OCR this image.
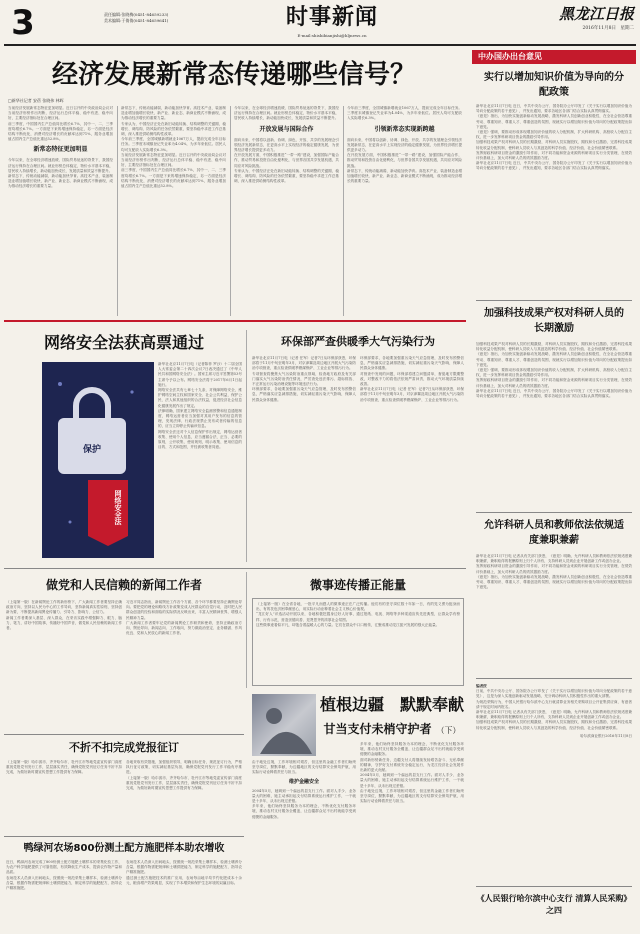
3	责任编辑:张晓梅(0451-84659233)
美术编辑:于倩倩(0451-84659641)	时事新闻
E-mail:shishibianjishi@hljnews.cn
黑龙江日报
2016年11月8日　星期二
经济发展新常态传递哪些信号？
□新华社记者 安蓓 张晓伟 林晖

当前经济发展新常态特征更加明显。近日召开的中央政治局会议对当前经济形势作出判断，经济运行总体平稳、稳中有进、稳中向好，主要经济指标处在合理区间。

前三季度，中国国内生产总值同比增长6.7%，其中一、二、三季度均增长6.7%。一方面是下来的增速保持稳定，另一方面是经济结构不断优化，消费对经济增长的贡献率达到71%，服务业增加值占国内生产总值比重达52.8%。

新常态特征更加明显

今年以来，在全球经济增速放缓、国际贸易低迷的背景下，我国经济运行保持在合理区间。就业形势总体稳定，物价水平基本平稳，居民收入持续增长，新动能加快成长，发展质量和效益不断提升。

新常态下，传统动能减弱，新动能加快孕育。高技术产业、装备制造业增加值增长较快，新产业、新业态、新商业模式不断涌现，成为推动经济增长的重要力量。

新常态下，传统动能减弱，新动能加快孕育。高技术产业、装备制造业增加值增长较快，新产业、新业态、新商业模式不断涌现，成为推动经济增长的重要力量。

专家认为，中国经济正处在新旧动能转换、结构调整的关键期，稳增长、调结构、防风险的任务依然繁重，要坚持稳中求进工作总基调，深入推进供给侧结构性改革。

今年前三季度，全国城镇新增就业1067万人，提前完成全年目标任务。三季度末城镇登记失业率为4.04%，为多年来低位。居民人均可支配收入实际增长6.3%。

当前经济发展新常态特征更加明显。近日召开的中央政治局会议对当前经济形势作出判断，经济运行总体平稳、稳中有进、稳中向好，主要经济指标处在合理区间。

前三季度，中国国内生产总值同比增长6.7%，其中一、二、三季度均增长6.7%。一方面是下来的增速保持稳定，另一方面是经济结构不断优化，消费对经济增长的贡献率达到71%，服务业增加值占国内生产总值比重达52.8%。

今年以来，在全球经济增速放缓、国际贸易低迷的背景下，我国经济运行保持在合理区间。就业形势总体稳定，物价水平基本平稳，居民收入持续增长，新动能加快成长，发展质量和效益不断提升。

开放发展与国际合作

面向未来，中国将以创新、协调、绿色、开放、共享的发展理念引领经济发展新常态，在更高水平上实现经济的稳定健康发展，为世界经济增长提供更多动力。

在开放发展方面，中国积极推进“一带一路”建设，加强国际产能合作，推动贸易和投资自由化便利化，与世界各国共享发展机遇，共同应对风险挑战。

专家认为，中国经济正处在新旧动能转换、结构调整的关键期，稳增长、调结构、防风险的任务依然繁重，要坚持稳中求进工作总基调，深入推进供给侧结构性改革。

今年前三季度，全国城镇新增就业1067万人，提前完成全年目标任务。三季度末城镇登记失业率为4.04%，为多年来低位。居民人均可支配收入实际增长6.3%。

引领新常态实现新跨越

面向未来，中国将以创新、协调、绿色、开放、共享的发展理念引领经济发展新常态，在更高水平上实现经济的稳定健康发展，为世界经济增长提供更多动力。

在开放发展方面，中国积极推进“一带一路”建设，加强国际产能合作，推动贸易和投资自由化便利化，与世界各国共享发展机遇，共同应对风险挑战。

新常态下，传统动能减弱，新动能加快孕育。高技术产业、装备制造业增加值增长较快，新产业、新业态、新商业模式不断涌现，成为推动经济增长的重要力量。

中办国办出台意见
实行以增加知识价值为导向的分配政策

新华社北京11月7日电 近日，中共中央办公厅、国务院办公厅印发了《关于实行以增加知识价值为导向分配政策的若干意见》，并发出通知，要求各地区各部门结合实际认真贯彻落实。

《意见》指出，为加快实施创新驱动发展战略，激发科研人员创新创业积极性，在全社会营造尊重劳动、尊重知识、尊重人才、尊重创造的氛围，现就实行以增加知识价值为导向的分配政策提出如下意见。

《意见》强调，要推动形成体现增加知识价值的收入分配机制，扩大科研机构、高校收入分配自主权，进一步发挥科研项目资金的激励引导作用。

加强科技成果产权对科研人员的长期激励，对科研人员实施股权、期权和分红激励，完善科技成果转化收益分配机制，使科研人员收入与其创造的科学价值、经济价值、社会价值紧密联系。

发挥财政科研项目资金的激励引导作用，对不同功能和资金来源的科研项目实行分类管理，在绩效评价基础上，加大对科研人员的绩效激励力度。

新华社北京11月7日电 近日，中共中央办公厅、国务院办公厅印发了《关于实行以增加知识价值为导向分配政策的若干意见》，并发出通知，要求各地区各部门结合实际认真贯彻落实。

加强科技成果产权对科研人员的长期激励

加强科技成果产权对科研人员的长期激励，对科研人员实施股权、期权和分红激励，完善科技成果转化收益分配机制，使科研人员收入与其创造的科学价值、经济价值、社会价值紧密联系。

《意见》指出，为加快实施创新驱动发展战略，激发科研人员创新创业积极性，在全社会营造尊重劳动、尊重知识、尊重人才、尊重创造的氛围，现就实行以增加知识价值为导向的分配政策提出如下意见。

《意见》强调，要推动形成体现增加知识价值的收入分配机制，扩大科研机构、高校收入分配自主权，进一步发挥科研项目资金的激励引导作用。

发挥财政科研项目资金的激励引导作用，对不同功能和资金来源的科研项目实行分类管理，在绩效评价基础上，加大对科研人员的绩效激励力度。

新华社北京11月7日电 近日，中共中央办公厅、国务院办公厅印发了《关于实行以增加知识价值为导向分配政策的若干意见》，并发出通知，要求各地区各部门结合实际认真贯彻落实。

允许科研人员和教师依法依规适度兼职兼薪

新华社北京11月7日电 记者从有关部门获悉，《意见》明确，允许科研人员和教师依法依规适度兼职兼薪，兼职取得的报酬原则上归个人所有，支持科研人员到企业开展创新工作或创办企业。

发挥财政科研项目资金的激励引导作用，对不同功能和资金来源的科研项目实行分类管理，在绩效评价基础上，加大对科研人员的绩效激励力度。

《意见》指出，为加快实施创新驱动发展战略，激发科研人员创新创业积极性，在全社会营造尊重劳动、尊重知识、尊重人才、尊重创造的氛围，现就实行以增加知识价值为导向的分配政策提出如下意见。

编者按

日前，中共中央办公厅、国务院办公厅印发了《关于实行以增加知识价值为导向分配政策的若干意见》，这是为深入实施创新驱动发展战略，充分调动科研人员积极性作出的重大部署。

为规范采购行为，中国人民银行哈尔滨中心支行就清算业务相关采购项目公开征集供应商，有意者请于规定时间内报名。

新华社北京11月7日电 记者从有关部门获悉，《意见》明确，允许科研人员和教师依法依规适度兼职兼薪，兼职取得的报酬原则上归个人所有，支持科研人员到企业开展创新工作或创办企业。

加强科技成果产权对科研人员的长期激励，对科研人员实施股权、期权和分红激励，完善科技成果转化收益分配机制，使科研人员收入与其创造的科学价值、经济价值、社会价值紧密联系。

哈尔滨商业银行2016年11月8日
《人民银行哈尔滨中心支行 清算人民采购》之四
网络安全法获高票通过
保护
网络安全法

新华社北京11月7日电（记者陈菲 罗沙）十二届全国人大常委会第二十四次会议7日表决通过了《中华人民共和国网络安全法》。国家主席习近平签署第53号主席令予以公布。网络安全法将于2017年6月1日起施行。

网络安全法共有七章七十九条，对保障网络安全，维护网络空间主权和国家安全、社会公共利益，保护公民、法人和其他组织的合法权益，促进经济社会信息化健康发展作出了规定。

法律明确，国家建立网络安全监测预警和信息通报制度，网络运营者应当加强对其用户发布的信息的管理，发现法律、行政法规禁止发布或者传输的信息的，应当立即停止传输该信息。

网络安全法还对个人信息保护作出规定，网络运营者收集、使用个人信息，应当遵循合法、正当、必要的原则，公开收集、使用规则，明示收集、使用信息的目的、方式和范围，并经被收集者同意。

环保部严查供暖季大气污染行为

新华社北京11月7日电（记者 任军）记者7日从环保部获悉，环保部将于11月中旬至明年3月，对京津冀及周边地区开展大气污染防治专项督查，重点检查供暖季燃煤锅炉、工业企业等排污行为。

专项督查将聚焦大气污染防治重点领域，检查地方政府及有关部门落实大气污染防治责任情况，严厉查处违法排污、超标排放、不正常运行污染治理设施等环境违法行为。

环保部要求，各地要加强重污染天气应急管理，及时发布预警信息，严格落实应急减排措施，切实减轻重污染天气影响，保障人民群众身体健康。

环保部要求，各地要加强重污染天气应急管理，及时发布预警信息，严格落实应急减排措施，切实减轻重污染天气影响，保障人民群众身体健康。

对督查中发现的问题，环保部将建立问题清单，督促地方限期整改，对整改不力的将依法依规严肃问责，推动大气环境质量持续改善。

新华社北京11月7日电（记者 任军）记者7日从环保部获悉，环保部将于11月中旬至明年3月，对京津冀及周边地区开展大气污染防治专项督查，重点检查供暖季燃煤锅炉、工业企业等排污行为。

做党和人民信赖的新闻工作者

（上接第一版）在新闻舆论工作的新形势下，广大新闻工作者要坚持正确政治方向，坚持以人民为中心的工作导向，坚持新闻真实性原则，坚持创新为要，不断提高新闻舆论传播力、引导力、影响力、公信力。

新闻工作者要深入基层、深入群众，在采访实践中增强脚力、眼力、脑力、笔力，讲好中国故事，传播好中国声音，做党和人民信赖的新闻工作者。

习近平同志指出，新闻舆论工作各个方面、各个环节都要坚持正确舆论导向。要把党的理论和路线方针政策变成人民群众的自觉行动，及时把人民群众创造的经验和面临的实际情况反映出来，丰富人民精神世界，增强人民精神力量。

广大新闻工作者要牢记党的新闻舆论工作职责和使命，坚持正确政治方向、舆论导向、新闻志向、工作取向，努力做政治坚定、业务精湛、作风优良、党和人民放心的新闻工作者。

不折不扣完成党报征订

（上接第一版）哈尔滨市、齐齐哈尔市、牡丹江市等地党委宣传部门高度重视党报党刊发行工作，层层落实责任，确保党报党刊征订任务不折不扣完成，为做好新时期宣传思想工作提供有力保障。

各地采取有效措施，加强组织领导，明确目标任务，规范征订行为，严格执行征订政策，切实减轻基层负担，确保党报党刊发行工作平稳有序推进。

（上接第一版）哈尔滨市、齐齐哈尔市、牡丹江市等地党委宣传部门高度重视党报党刊发行工作，层层落实责任，确保党报党刊征订任务不折不扣完成，为做好新时期宣传思想工作提供有力保障。

微事迹传播正能量

（上接第一版）在全省各地，一批平凡而感人的微事迹正在广泛传播。他们有的坚守岗位数十年如一日，有的见义勇为挺身而出，有的扶危济困奉献爱心，用实际行动诠释着社会主义核心价值观。

“龙江好人”评选活动开展以来，各地积极挖掘身边好人好事，通过报纸、电视、网络等多种渠道宣传先进典型，让群众学有榜样、行有示范，营造崇德向善、见贤思齐的浓厚社会氛围。

这些微事迹看似平凡，却饱含着温暖人心的力量。它们在群众中口口相传，汇聚成推动龙江振兴发展的强大正能量。

植根边疆　默默奉献
甘当支付未梢守护者 （下）

由于地处边境，工作环境相对艰苦，但这里的金融工作者们始终坚守岗位，默默奉献，为边疆地区的支付结算安全保驾护航，用实际行动诠释着责任与担当。

维护金融安全

2004年5月，她调到一个偏远的县支行工作。面对人手少、业务量大的困难，她主动承担起支付结算系统运行维护工作，一干就是十多年，从未出现过差错。

多年来，他们始终坚持服务为本的理念，不断优化支付服务环境，推动农村支付服务全覆盖，让边疆群众足不出村就能享受到便捷的金融服务。

多年来，他们始终坚持服务为本的理念，不断优化支付服务环境，推动农村支付服务全覆盖，让边疆群众足不出村就能享受到便捷的金融服务。

面对新形势新任务，边疆支付人将继续发扬艰苦奋斗、无私奉献的精神，守护好支付系统安全稳定运行，为龙江经济社会发展作出新的更大贡献。

2004年5月，她调到一个偏远的县支行工作。面对人手少、业务量大的困难，她主动承担起支付结算系统运行维护工作，一干就是十多年，从未出现过差错。

由于地处边境，工作环境相对艰苦，但这里的金融工作者们始终坚守岗位，默默奉献，为边疆地区的支付结算安全保驾护航，用实际行动诠释着责任与担当。

鸭绿河农场800份测土配方施肥样本助农增收

近日，鸭绿河农场完成了800份测土配方施肥土壤样本的采集化验工作，为农户科学施肥提供了可靠依据，有效降低生产成本，提高农作物产量和品质。

农场技术人员深入田间地头，按照统一规范采集土壤样本，检测土壤养分含量，根据作物需肥规律和土壤供肥能力，制定科学的施肥配方，指导农户精准施肥。

农场技术人员深入田间地头，按照统一规范采集土壤样本，检测土壤养分含量，根据作物需肥规律和土壤供肥能力，制定科学的施肥配方，指导农户精准施肥。

通过测土配方施肥技术的推广应用，农场每亩地平均节约化肥成本十余元，粮食增产效果明显，实现了节本增效和保护生态环境的双赢目标。
